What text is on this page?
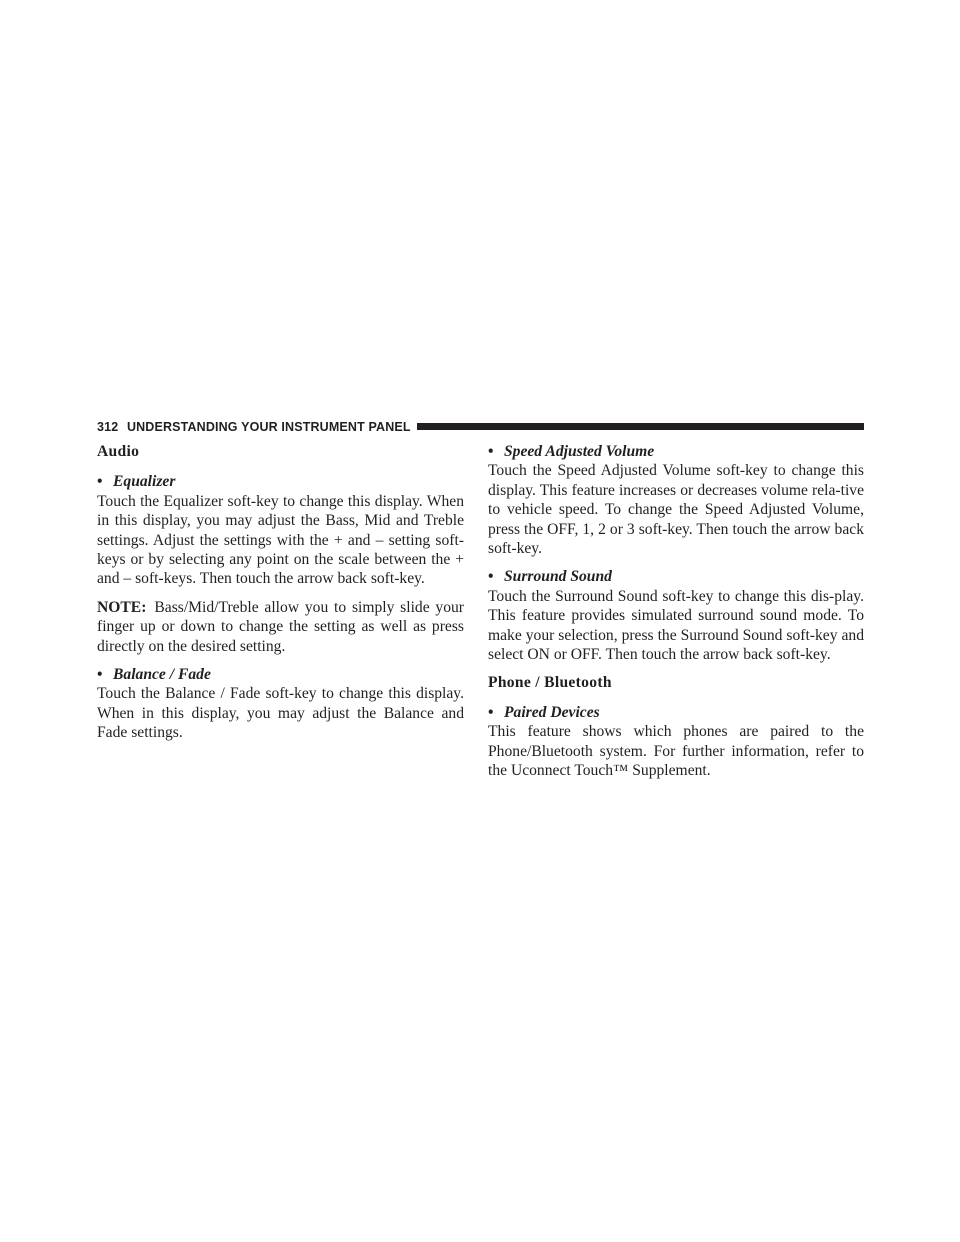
312 UNDERSTANDING YOUR INSTRUMENT PANEL

Audio

• Equalizer

Touch the Equalizer soft-key to change this display. When in this display, you may adjust the Bass, Mid and Treble settings. Adjust the settings with the + and – setting soft-keys or by selecting any point on the scale between the + and – soft-keys. Then touch the arrow back soft-key.

NOTE: Bass/Mid/Treble allow you to simply slide your finger up or down to change the setting as well as press directly on the desired setting.

• Balance / Fade

Touch the Balance / Fade soft-key to change this display. When in this display, you may adjust the Balance and Fade settings.

• Speed Adjusted Volume

Touch the Speed Adjusted Volume soft-key to change this display. This feature increases or decreases volume rela-tive to vehicle speed. To change the Speed Adjusted Volume, press the OFF, 1, 2 or 3 soft-key. Then touch the arrow back soft-key.

• Surround Sound

Touch the Surround Sound soft-key to change this dis-play. This feature provides simulated surround sound mode. To make your selection, press the Surround Sound soft-key and select ON or OFF. Then touch the arrow back soft-key.

Phone / Bluetooth

• Paired Devices

This feature shows which phones are paired to the Phone/Bluetooth system. For further information, refer to the Uconnect Touch™ Supplement.
